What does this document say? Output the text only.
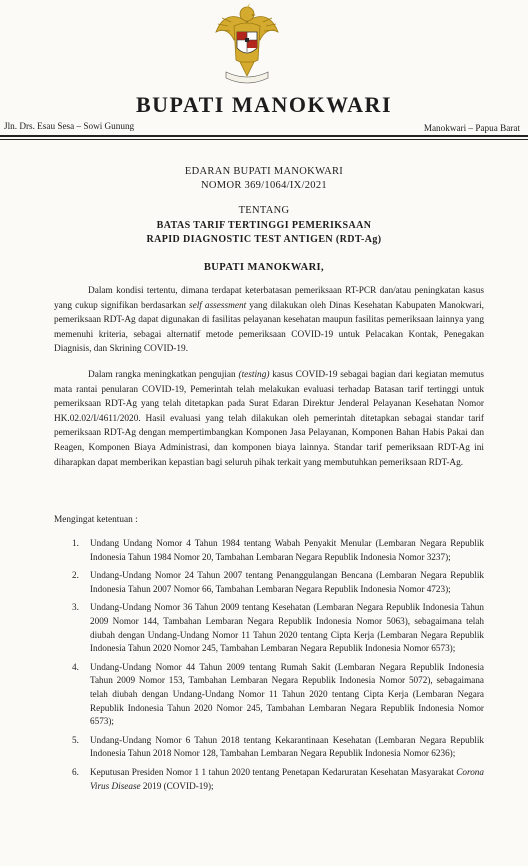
BUPATI MANOKWARI
Jln. Drs. Esau Sesa – Sowi Gunung	Manokwari – Papua Barat
EDARAN BUPATI MANOKWARI
NOMOR 369/1064/IX/2021
TENTANG
BATAS TARIF TERTINGGI PEMERIKSAAN
RAPID DIAGNOSTIC TEST ANTIGEN (RDT-Ag)
BUPATI MANOKWARI,
Dalam kondisi tertentu, dimana terdapat keterbatasan pemeriksaan RT-PCR dan/atau peningkatan kasus yang cukup signifikan berdasarkan self assessment yang dilakukan oleh Dinas Kesehatan Kabupaten Manokwari, pemeriksaan RDT-Ag dapat digunakan di fasilitas pelayanan kesehatan maupun fasilitas pemeriksaan lainnya yang memenuhi kriteria, sebagai alternatif metode pemeriksaan COVID-19 untuk Pelacakan Kontak, Penegakan Diagnisis, dan Skrining COVID-19.
Dalam rangka meningkatkan pengujian (testing) kasus COVID-19 sebagai bagian dari kegiatan memutus mata rantai penularan COVID-19, Pemerintah telah melakukan evaluasi terhadap Batasan tarif tertinggi untuk pemeriksaan RDT-Ag yang telah ditetapkan pada Surat Edaran Direktur Jenderal Pelayanan Kesehatan Nomor HK.02.02/I/4611/2020. Hasil evaluasi yang telah dilakukan oleh pemerintah ditetapkan sebagai standar tarif pemeriksaan RDT-Ag dengan mempertimbangkan Komponen Jasa Pelayanan, Komponen Bahan Habis Pakai dan Reagen, Komponen Biaya Administrasi, dan komponen biaya lainnya. Standar tarif pemeriksaan RDT-Ag ini diharapkan dapat memberikan kepastian bagi seluruh pihak terkait yang membutuhkan pemeriksaan RDT-Ag.
Mengingat ketentuan :
1. Undang Undang Nomor 4 Tahun 1984 tentang Wabah Penyakit Menular (Lembaran Negara Republik Indonesia Tahun 1984 Nomor 20, Tambahan Lembaran Negara Republik Indonesia Nomor 3237);
2. Undang-Undang Nomor 24 Tahun 2007 tentang Penanggulangan Bencana (Lembaran Negara Republik Indonesia Tahun 2007 Nomor 66, Tambahan Lembaran Negara Republik Indonesia Nomor 4723);
3. Undang-Undang Nomor 36 Tahun 2009 tentang Kesehatan (Lembaran Negara Republik Indonesia Tahun 2009 Nomor 144, Tambahan Lembaran Negara Republik Indonesia Nomor 5063), sebagaimana telah diubah dengan Undang-Undang Nomor 11 Tahun 2020 tentang Cipta Kerja (Lembaran Negara Republik Indonesia Tahun 2020 Nomor 245, Tambahan Lembaran Negara Republik Indonesia Nomor 6573);
4. Undang-Undang Nomor 44 Tahun 2009 tentang Rumah Sakit (Lembaran Negara Republik Indonesia Tahun 2009 Nomor 153, Tambahan Lembaran Negara Republik Indonesia Nomor 5072), sebagaimana telah diubah dengan Undang-Undang Nomor 11 Tahun 2020 tentang Cipta Kerja (Lembaran Negara Republik Indonesia Tahun 2020 Nomor 245, Tambahan Lembaran Negara Republik Indonesia Nomor 6573);
5. Undang-Undang Nomor 6 Tahun 2018 tentang Kekarantinaan Kesehatan (Lembaran Negara Republik Indonesia Tahun 2018 Nomor 128, Tambahan Lembaran Negara Republik Indonesia Nomor 6236);
6. Keputusan Presiden Nomor 1 1 tahun 2020 tentang Penetapan Kedaruratan Kesehatan Masyarakat Corona Virus Disease 2019 (COVID-19);
